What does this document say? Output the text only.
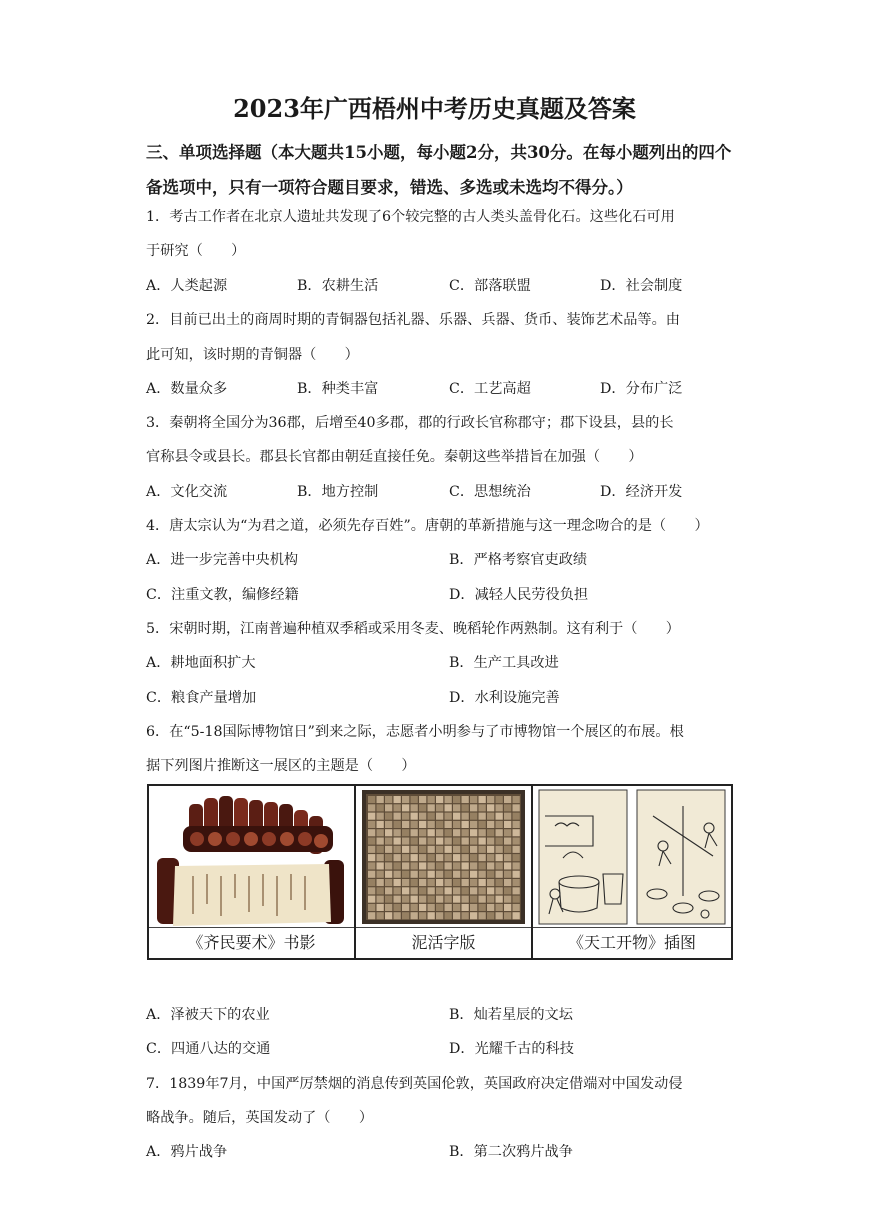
2023年广西梧州中考历史真题及答案
三、单项选择题（本大题共15小题，每小题2分，共30分。在每小题列出的四个备选项中，只有一项符合题目要求，错选、多选或未选均不得分。）
1．考古工作者在北京人遗址共发现了6个较完整的古人类头盖骨化石。这些化石可用
于研究（　　）
A．人类起源	B．农耕生活	C．部落联盟	D．社会制度
2．目前已出土的商周时期的青铜器包括礼器、乐器、兵器、货币、装饰艺术品等。由
此可知，该时期的青铜器（　　）
A．数量众多	B．种类丰富	C．工艺高超	D．分布广泛
3．秦朝将全国分为36郡，后增至40多郡，郡的行政长官称郡守；郡下设县，县的长
官称县令或县长。郡县长官都由朝廷直接任免。秦朝这些举措旨在加强（　　）
A．文化交流	B．地方控制	C．思想统治	D．经济开发
4．唐太宗认为“为君之道，必须先存百姓”。唐朝的革新措施与这一理念吻合的是（　　）
A．进一步完善中央机构	B．严格考察官吏政绩
C．注重文教，编修经籍	D．减轻人民劳役负担
5．宋朝时期，江南普遍种植双季稻或采用冬麦、晚稻轮作两熟制。这有利于（　　）
A．耕地面积扩大	B．生产工具改进
C．粮食产量增加	D．水利设施完善
6．在“5-18国际博物馆日”到来之际，志愿者小明参与了市博物馆一个展区的布展。根
据下列图片推断这一展区的主题是（　　）
《齐民要术》书影	泥活字版	《天工开物》插图
A．泽被天下的农业	B．灿若星辰的文坛
C．四通八达的交通	D．光耀千古的科技
7．1839年7月，中国严厉禁烟的消息传到英国伦敦，英国政府决定借端对中国发动侵
略战争。随后，英国发动了（　　）
A．鸦片战争	B．第二次鸦片战争
